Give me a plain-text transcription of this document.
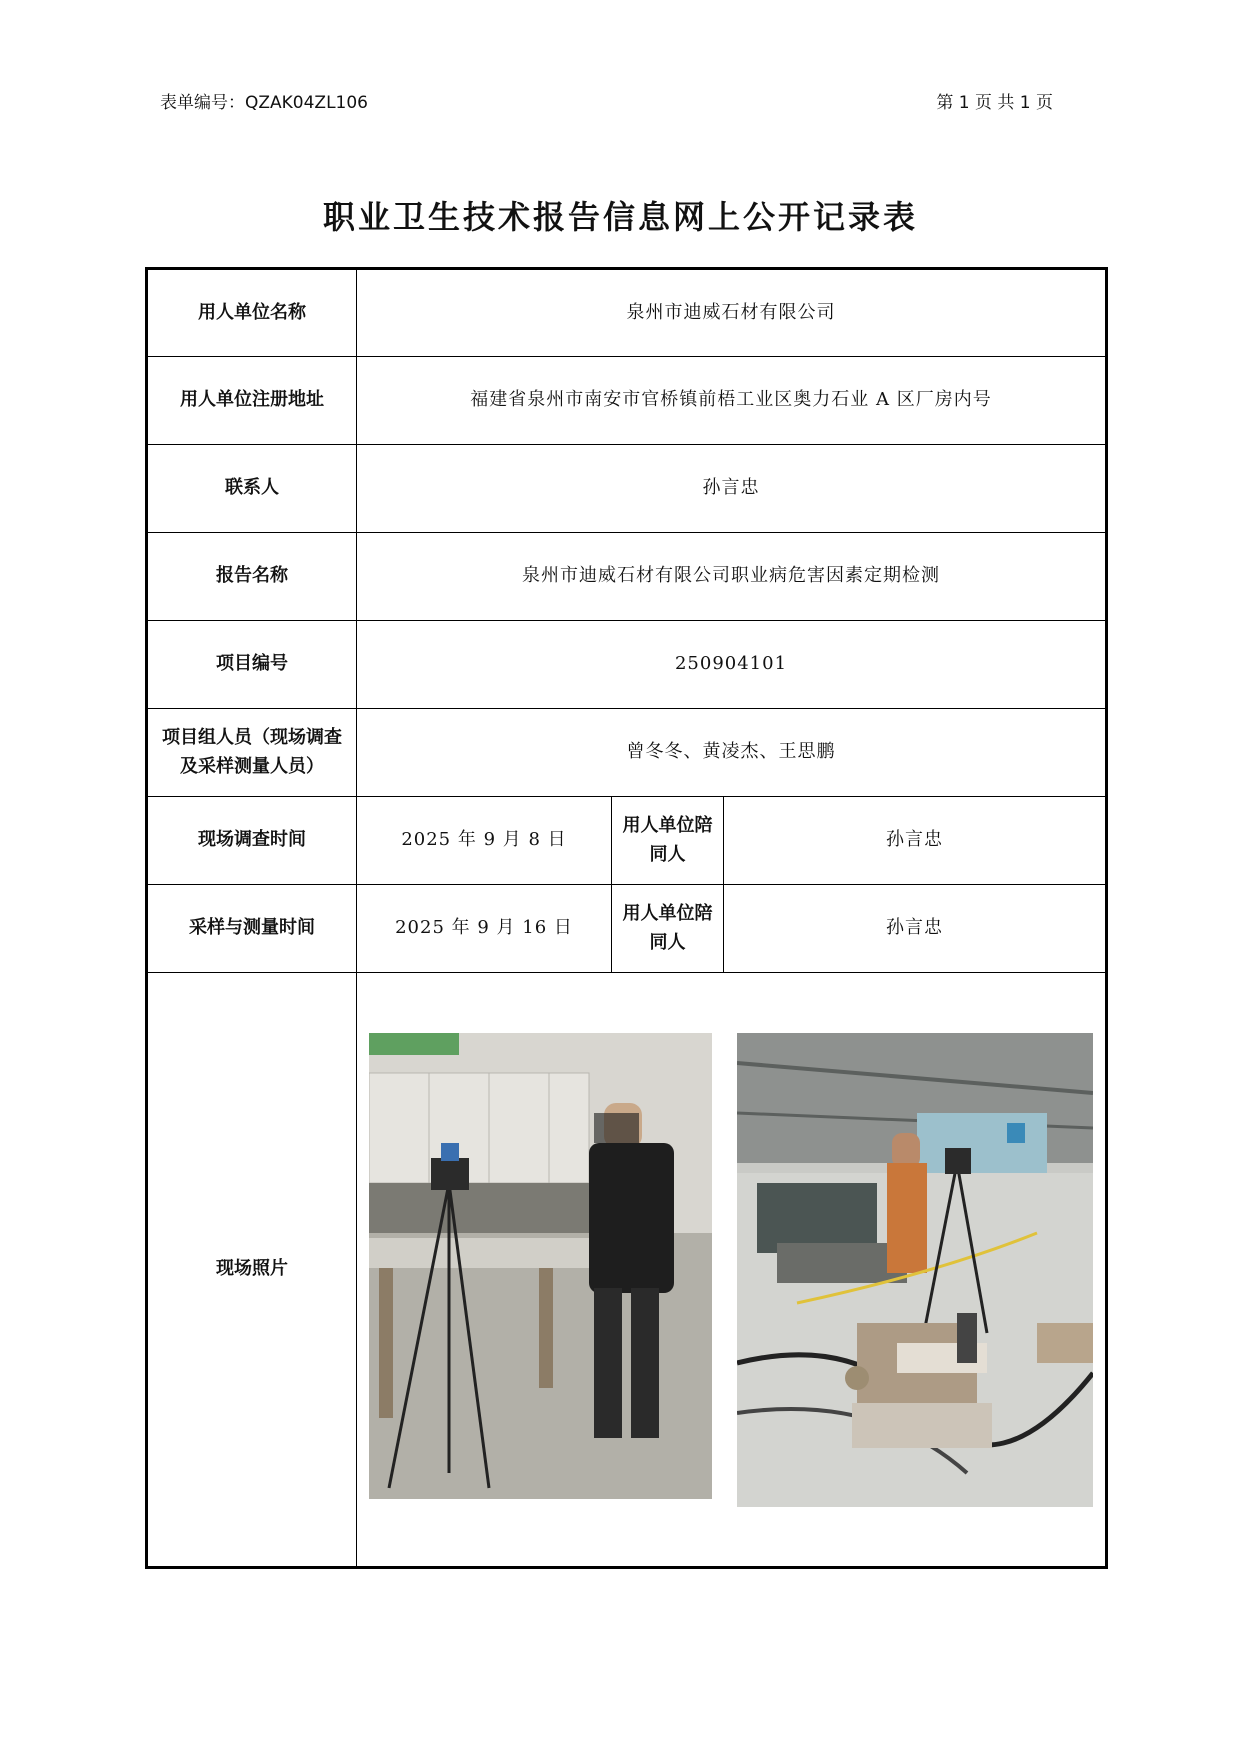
表单编号：QZAK04ZL106	第 1 页 共 1 页
职业卫生技术报告信息网上公开记录表
用人单位名称	泉州市迪威石材有限公司		
用人单位注册地址	福建省泉州市南安市官桥镇前梧工业区奥力石业 A 区厂房内号		
联系人	孙言忠		
报告名称	泉州市迪威石材有限公司职业病危害因素定期检测		
项目编号	250904101		
项目组人员（现场调查及采样测量人员）	曾冬冬、黄凌杰、王思鹏		
现场调查时间	2025 年 9 月 8 日	用人单位陪同人	孙言忠
采样与测量时间	2025 年 9 月 16 日	用人单位陪同人	孙言忠
现场照片	
